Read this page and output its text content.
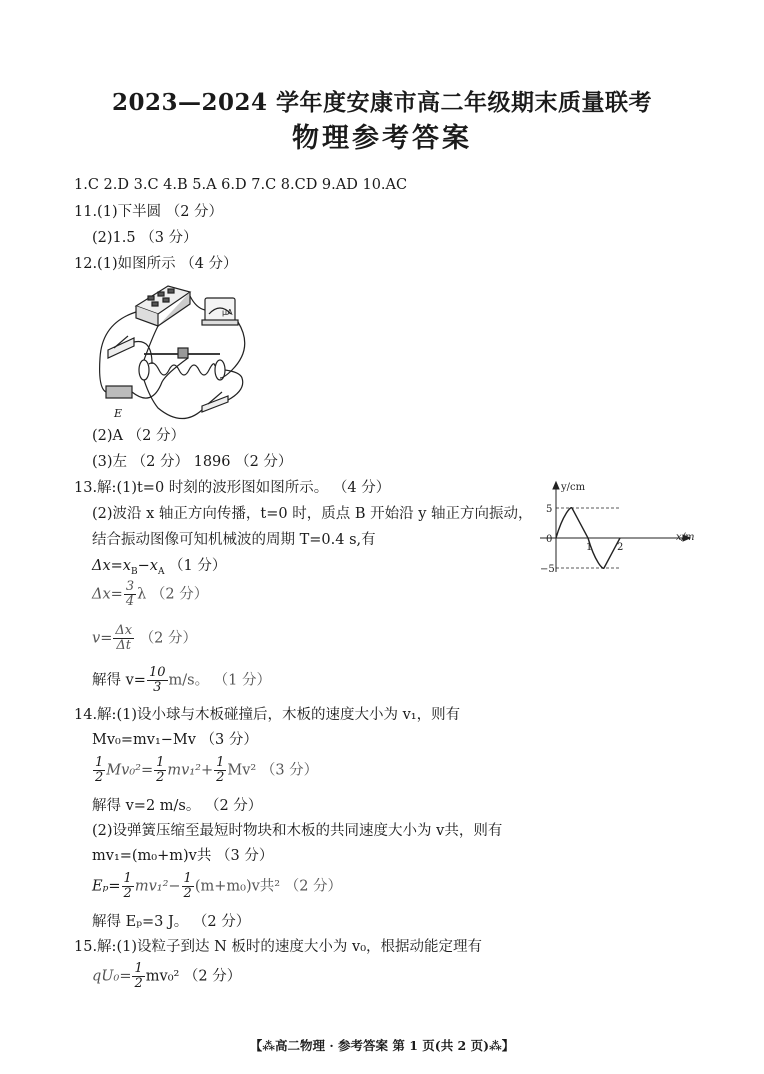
2023—2024 学年度安康市高二年级期末质量联考
物理参考答案
1.C 2.D 3.C 4.B 5.A 6.D 7.C 8.CD 9.AD 10.AC
11.(1)下半圆 （2 分）
(2)1.5 （3 分）
12.(1)如图所示 （4 分）
μA
E
(2)A （2 分）
(3)左 （2 分） 1896 （2 分）
13.解:(1)t=0 时刻的波形图如图所示。 （4 分）
(2)波沿 x 轴正方向传播，t=0 时，质点 B 开始沿 y 轴正方向振动，
结合振动图像可知机械波的周期 T=0.4 s,有
$\Delta x=x_B-x_A$ （1 分）
$\Delta x= \frac{3}{4}$ λ （2 分）
$v= \frac{\Delta x}{\Delta t} (2$ 分）
解得 $v= \frac{10}{3} m/s$。 （1 分）
y/cm
x/m
5
0
−5
1 2
14.解:(1)设小球与木板碰撞后，木板的速度大小为 v₁，则有
Mv₀=mv₁−Mv （3 分）
$\frac{1}{2} Mv_0^2= \frac{1}{2} mv_1^2+ \frac{1}{2} Mv^2$ （3 分）
解得 v=2 m/s。 （2 分）
(2)设弹簧压缩至最短时物块和木板的共同速度大小为 v共，则有
mv₁=(m₀+m)v共 （3 分）
$E_p= \frac{1}{2} mv_1^2- \frac{1}{2} (m+m_0)v$共² （2 分）
解得 Eₚ=3 J。 （2 分）
15.解:(1)设粒子到达 N 板时的速度大小为 v₀，根据动能定理有
$qU_0= \frac{1}{2} mv_0^2$ （2 分）
【⁂高二物理 · 参考答案 第 1 页(共 2 页)⁂】
